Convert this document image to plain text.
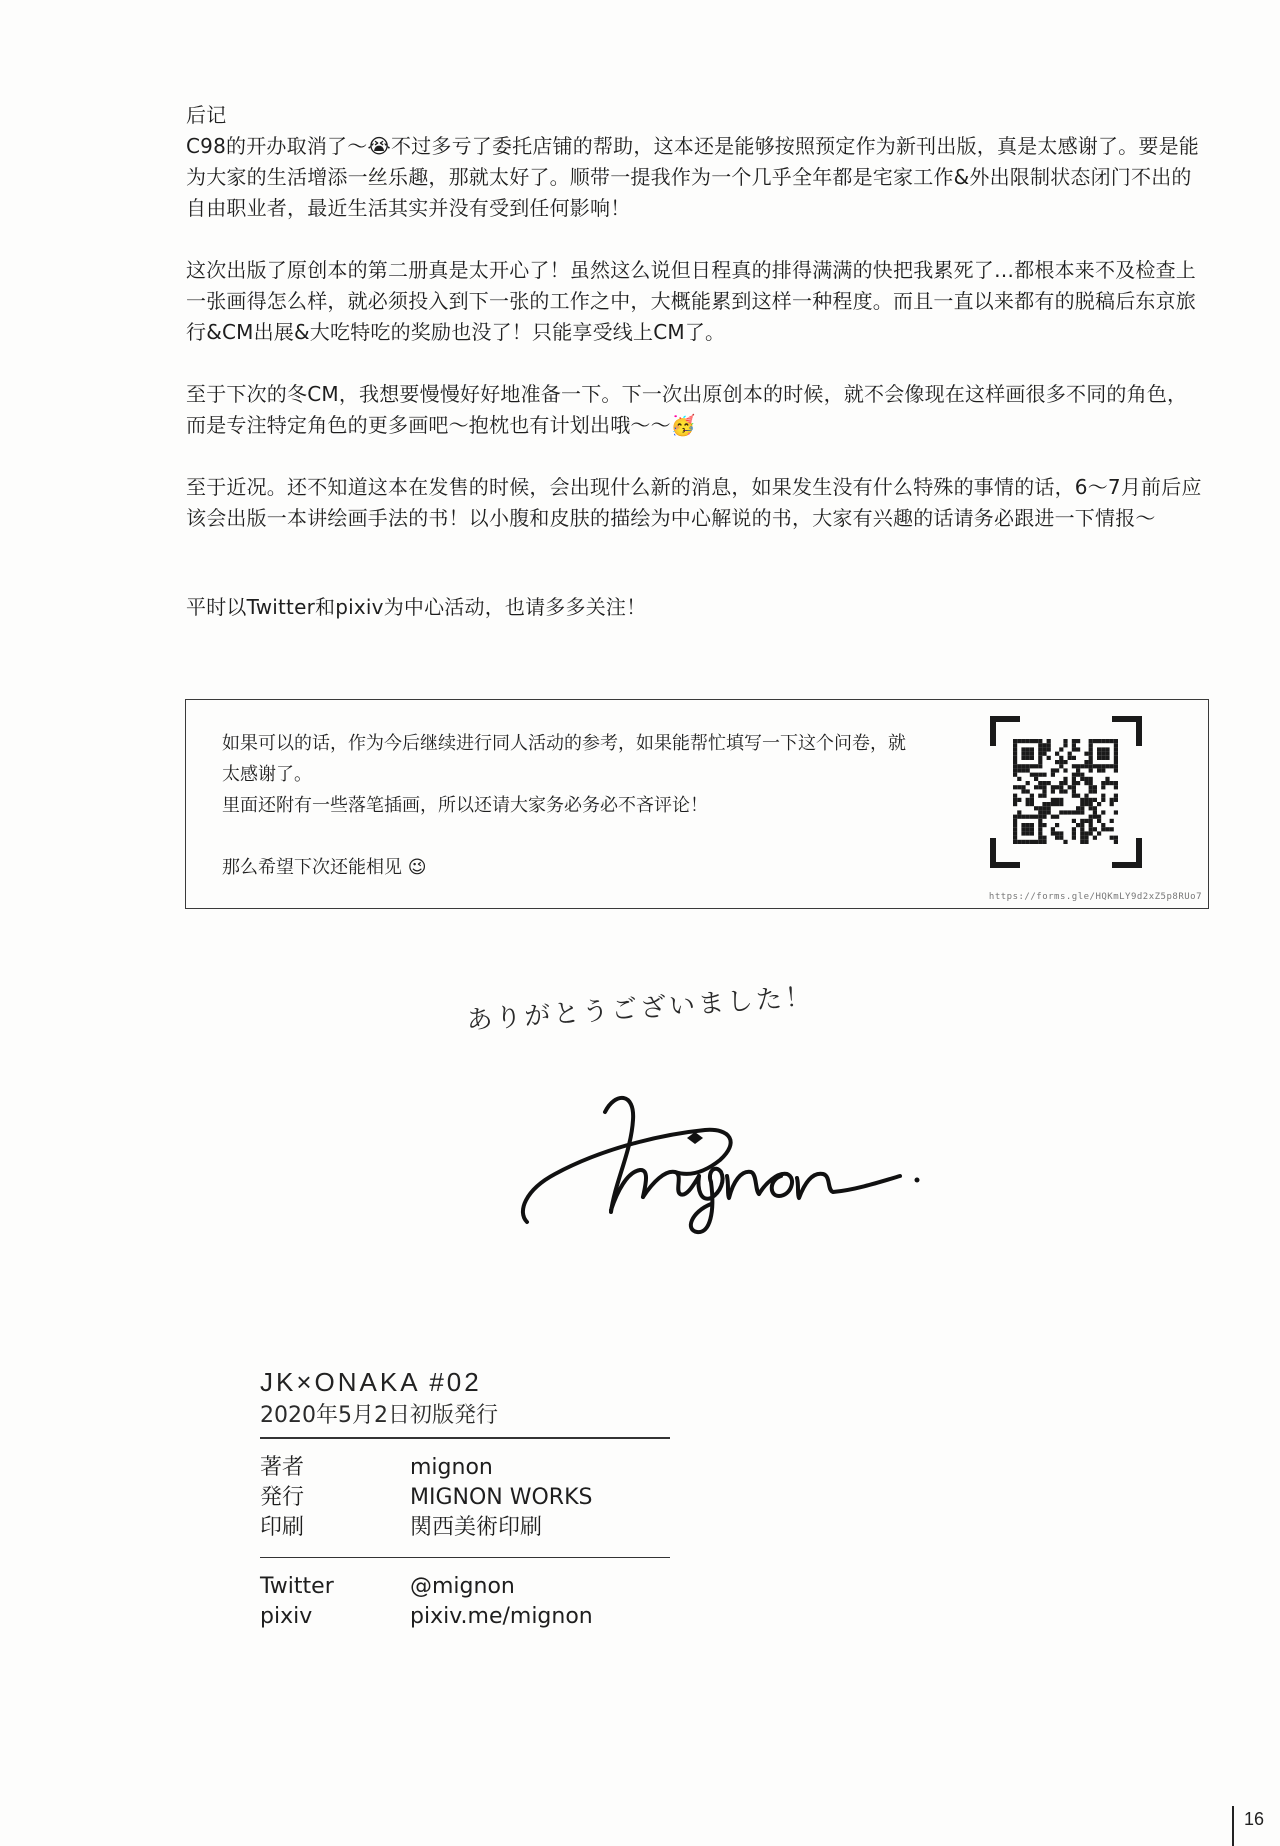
后记

C98的开办取消了～😭不过多亏了委托店铺的帮助，这本还是能够按照预定作为新刊出版，真是太感谢了。要是能为大家的生活增添一丝乐趣，那就太好了。顺带一提我作为一个几乎全年都是宅家工作&外出限制状态闭门不出的自由职业者，最近生活其实并没有受到任何影响！

这次出版了原创本的第二册真是太开心了！虽然这么说但日程真的排得满满的快把我累死了…都根本来不及检查上一张画得怎么样，就必须投入到下一张的工作之中，大概能累到这样一种程度。而且一直以来都有的脱稿后东京旅行&CM出展&大吃特吃的奖励也没了！只能享受线上CM了。

至于下次的冬CM，我想要慢慢好好地准备一下。下一次出原创本的时候，就不会像现在这样画很多不同的角色，而是专注特定角色的更多画吧～抱枕也有计划出哦～～🥳

至于近况。还不知道这本在发售的时候，会出现什么新的消息，如果发生没有什么特殊的事情的话，6～7月前后应该会出版一本讲绘画手法的书！以小腹和皮肤的描绘为中心解说的书，大家有兴趣的话请务必跟进一下情报～

平时以Twitter和pixiv为中心活动，也请多多关注！

如果可以的话，作为今后继续进行同人活动的参考，如果能帮忙填写一下这个问卷，就太感谢了。

里面还附有一些落笔插画，所以还请大家务必务必不吝评论！

那么希望下次还能相见 😉

https://forms.gle/HQKmLY9d2xZ5p8RUo7
ありがとうございました！
JK×ONAKA #02
2020年5月2日初版発行
著者	mignon
発行	MIGNON WORKS
印刷	関西美術印刷
Twitter	@mignon
pixiv	pixiv.me/mignon
16
